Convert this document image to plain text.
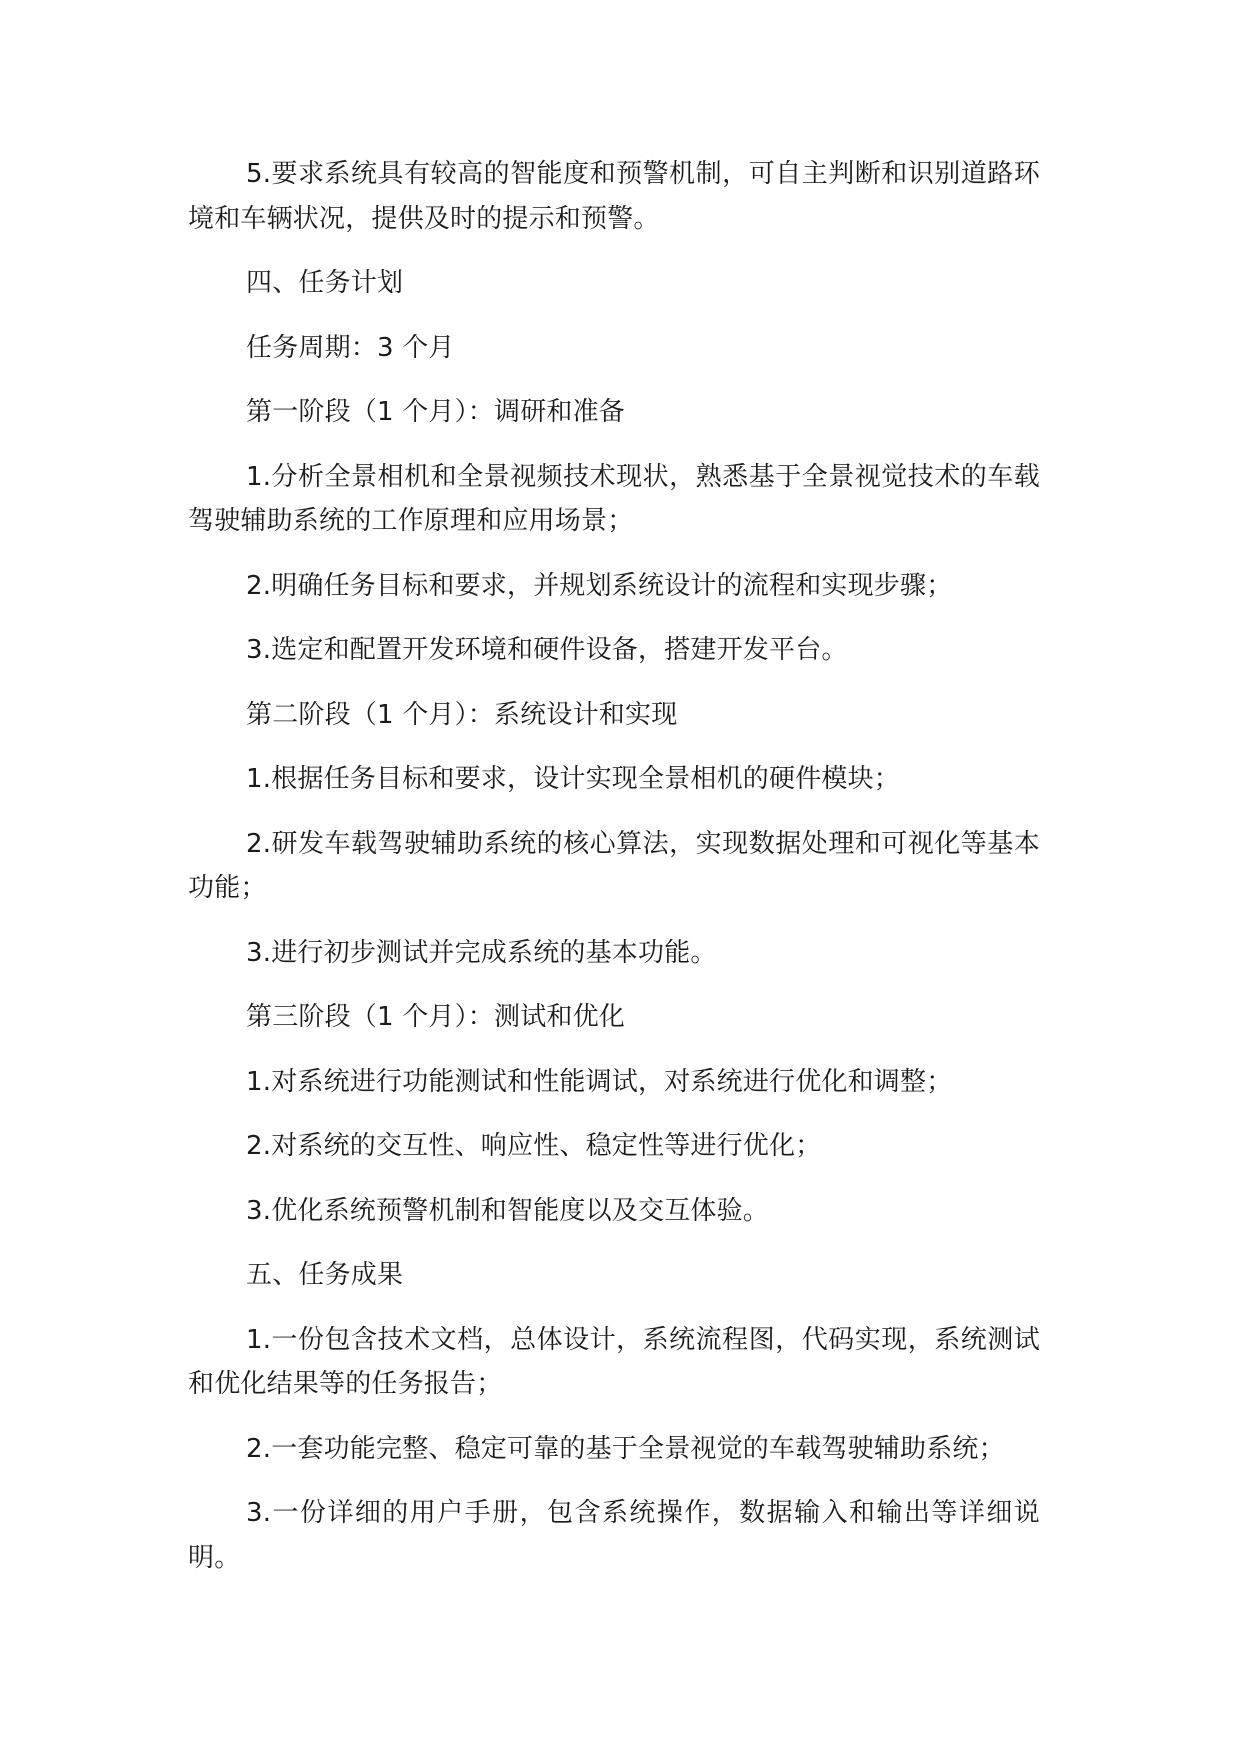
5.要求系统具有较高的智能度和预警机制，可自主判断和识别道路环境和车辆状况，提供及时的提示和预警。

四、任务计划

任务周期：3 个月

第一阶段（1 个月）：调研和准备

1.分析全景相机和全景视频技术现状，熟悉基于全景视觉技术的车载驾驶辅助系统的工作原理和应用场景；

2.明确任务目标和要求，并规划系统设计的流程和实现步骤；

3.选定和配置开发环境和硬件设备，搭建开发平台。

第二阶段（1 个月）：系统设计和实现

1.根据任务目标和要求，设计实现全景相机的硬件模块；

2.研发车载驾驶辅助系统的核心算法，实现数据处理和可视化等基本功能；

3.进行初步测试并完成系统的基本功能。

第三阶段（1 个月）：测试和优化

1.对系统进行功能测试和性能调试，对系统进行优化和调整；

2.对系统的交互性、响应性、稳定性等进行优化；

3.优化系统预警机制和智能度以及交互体验。

五、任务成果

1.一份包含技术文档，总体设计，系统流程图，代码实现，系统测试和优化结果等的任务报告；

2.一套功能完整、稳定可靠的基于全景视觉的车载驾驶辅助系统；

3.一份详细的用户手册，包含系统操作，数据输入和输出等详细说明。
